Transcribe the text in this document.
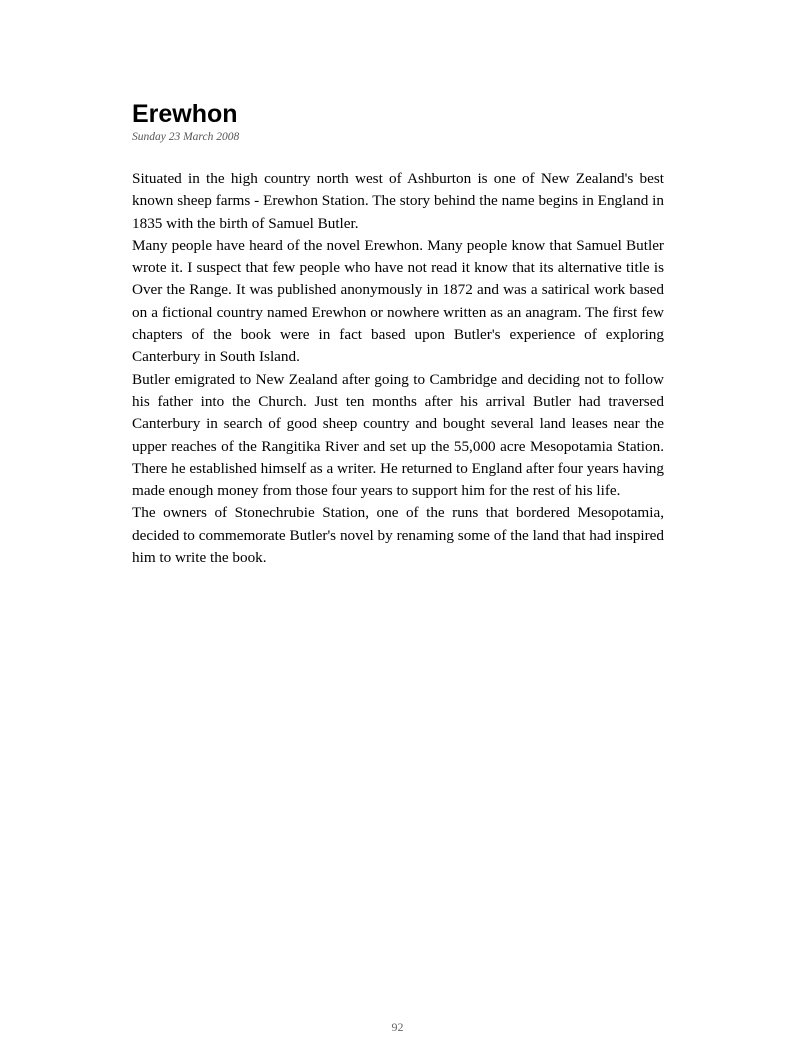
Erewhon
Sunday 23 March 2008

Situated in the high country north west of Ashburton is one of New Zealand's best known sheep farms - Erewhon Station. The story behind the name begins in England in 1835 with the birth of Samuel Butler.

Many people have heard of the novel Erewhon. Many people know that Samuel Butler wrote it. I suspect that few people who have not read it know that its alternative title is Over the Range. It was published anonymously in 1872 and was a satirical work based on a fictional country named Erewhon or nowhere written as an anagram. The first few chapters of the book were in fact based upon Butler's experience of exploring Canterbury in South Island.

Butler emigrated to New Zealand after going to Cambridge and deciding not to follow his father into the Church. Just ten months after his arrival Butler had traversed Canterbury in search of good sheep country and bought several land leases near the upper reaches of the Rangitika River and set up the 55,000 acre Mesopotamia Station. There he established himself as a writer. He returned to England after four years having made enough money from those four years to support him for the rest of his life.

The owners of Stonechrubie Station, one of the runs that bordered Mesopotamia, decided to commemorate Butler's novel by renaming some of the land that had inspired him to write the book.

92
